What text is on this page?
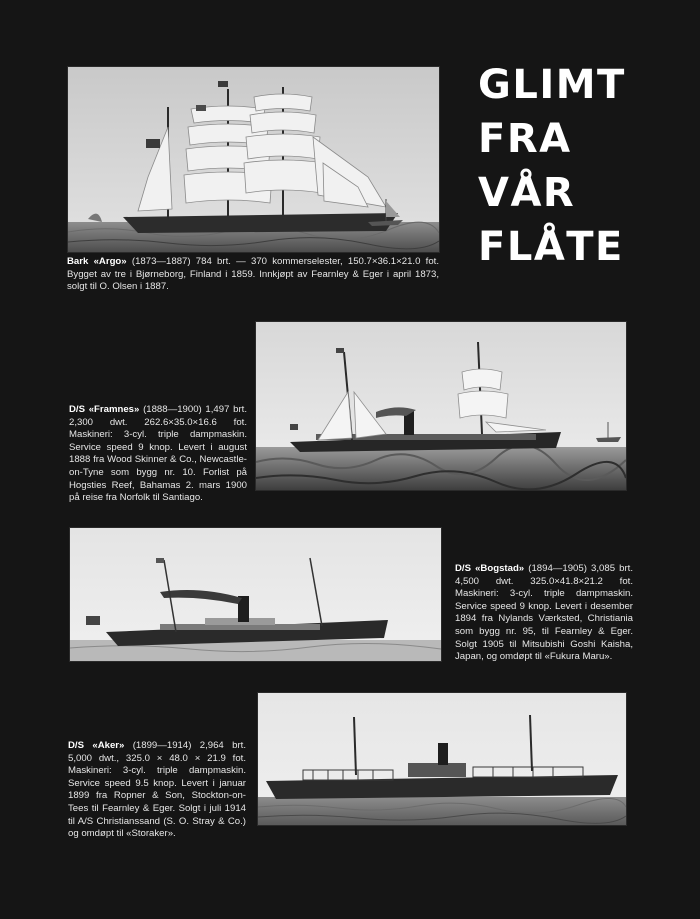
GLIMT
FRA
VÅR
FLÅTE
Bark «Argo» (1873—1887) 784 brt. — 370 kommerselester, 150.7×36.1×21.0 fot. Bygget av tre i Bjørneborg, Finland i 1859. Innkjøpt av Fearnley & Eger i april 1873, solgt til O. Olsen i 1887.
D/S «Framnes» (1888—1900) 1,497 brt. 2,300 dwt. 262.6×35.0×16.6 fot. Maskineri: 3-cyl. triple dampmaskin. Service speed 9 knop. Levert i august 1888 fra Wood Skinner & Co., Newcastle-on-Tyne som bygg nr. 10. Forlist på Hogsties Reef, Bahamas 2. mars 1900 på reise fra Norfolk til Santiago.
D/S «Bogstad» (1894—1905) 3,085 brt. 4,500 dwt. 325.0×41.8×21.2 fot. Maskineri: 3-cyl. triple dampmaskin. Service speed 9 knop. Levert i desember 1894 fra Nylands Værksted, Christiania som bygg nr. 95, til Fearnley & Eger. Solgt 1905 til Mitsubishi Goshi Kaisha, Japan, og omdøpt til «Fukura Maru».
D/S «Aker» (1899—1914) 2,964 brt. 5,000 dwt., 325.0 × 48.0 × 21.9 fot. Maskineri: 3-cyl. triple dampmaskin. Service speed 9.5 knop. Levert i januar 1899 fra Ropner & Son, Stockton-on-Tees til Fearnley & Eger. Solgt i juli 1914 til A/S Christianssand (S. O. Stray & Co.) og omdøpt til «Storaker».
